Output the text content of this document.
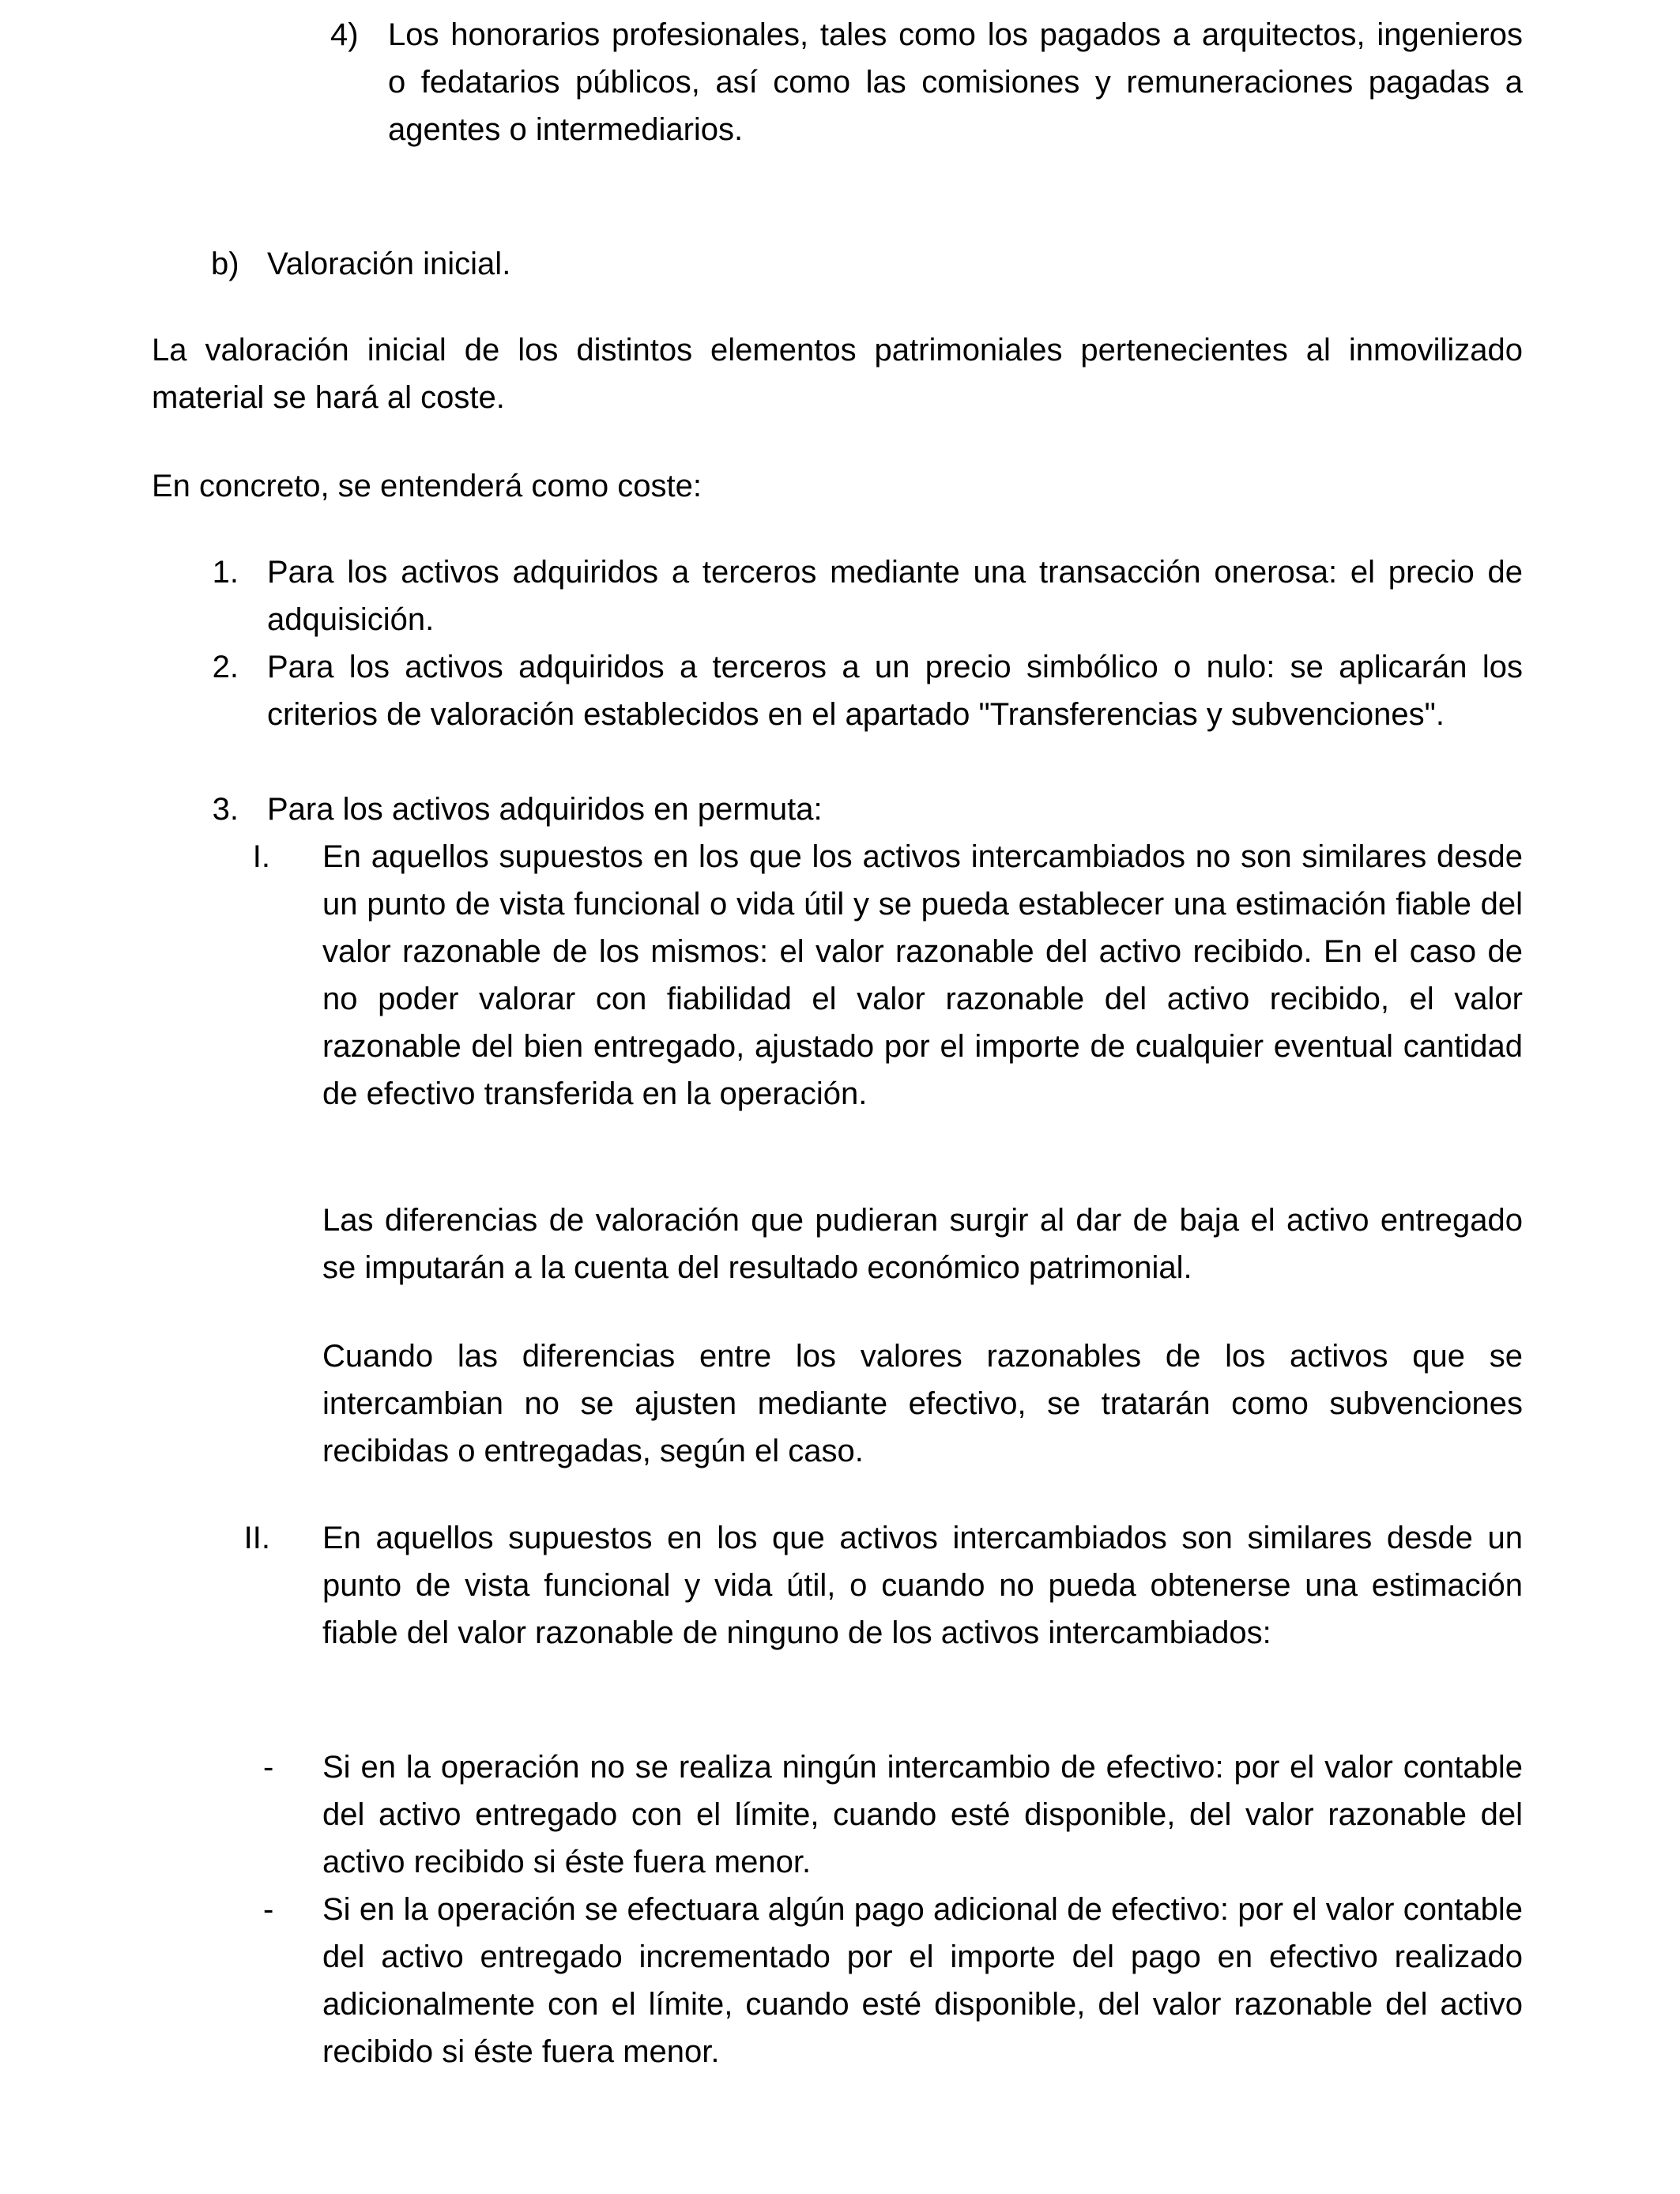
4) Los honorarios profesionales, tales como los pagados a arquitectos, ingenieros o fedatarios públicos, así como las comisiones y remuneraciones pagadas a agentes o intermediarios.

b) Valoración inicial.

La valoración inicial de los distintos elementos patrimoniales pertenecientes al inmovilizado material se hará al coste.

En concreto, se entenderá como coste:

1. Para los activos adquiridos a terceros mediante una transacción onerosa: el precio de adquisición.

2. Para los activos adquiridos a terceros a un precio simbólico o nulo: se aplicarán los criterios de valoración establecidos en el apartado "Transferencias y subvenciones".

3. Para los activos adquiridos en permuta:

I. En aquellos supuestos en los que los activos intercambiados no son similares desde un punto de vista funcional o vida útil y se pueda establecer una estimación fiable del valor razonable de los mismos: el valor razonable del activo recibido. En el caso de no poder valorar con fiabilidad el valor razonable del activo recibido, el valor razonable del bien entregado, ajustado por el importe de cualquier eventual cantidad de efectivo transferida en la operación.

Las diferencias de valoración que pudieran surgir al dar de baja el activo entregado se imputarán a la cuenta del resultado económico patrimonial.

Cuando las diferencias entre los valores razonables de los activos que se intercambian no se ajusten mediante efectivo, se tratarán como subvenciones recibidas o entregadas, según el caso.

II. En aquellos supuestos en los que activos intercambiados son similares desde un punto de vista funcional y vida útil, o cuando no pueda obtenerse una estimación fiable del valor razonable de ninguno de los activos intercambiados:

- Si en la operación no se realiza ningún intercambio de efectivo: por el valor contable del activo entregado con el límite, cuando esté disponible, del valor razonable del activo recibido si éste fuera menor.

- Si en la operación se efectuara algún pago adicional de efectivo: por el valor contable del activo entregado incrementado por el importe del pago en efectivo realizado adicionalmente con el límite, cuando esté disponible, del valor razonable del activo recibido si éste fuera menor.
